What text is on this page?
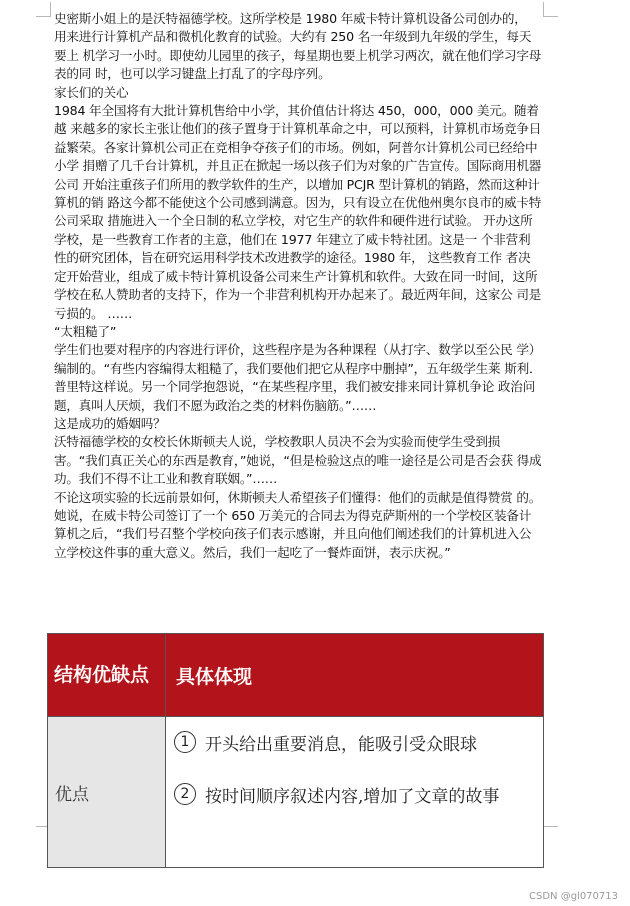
史密斯小姐上的是沃特福德学校。这所学校是 1980 年威卡特计算机设备公司创办的， 用来进行计算机产品和微机化教育的试验。大约有 250 名一年级到九年级的学生，每天要上 机学习一小时。即使幼儿园里的孩子，每星期也要上机学习两次，就在他们学习字母表的同 时，也可以学习键盘上打乱了的字母序列。

家长们的关心

1984 年全国将有大批计算机售给中小学，其价值估计将达 450，000，000 美元。随着越 来越多的家长主张让他们的孩子置身于计算机革命之中，可以预料，计算机市场竞争日益繁荣。各家计算机公司正在竞相争夺孩子们的市场。例如，阿普尔计算机公司已经给中小学 捐赠了几千台计算机，并且正在掀起一场以孩子们为对象的广告宣传。国际商用机器公司 开始注重孩子们所用的教学软件的生产，以增加 PCJR 型计算机的销路，然而这种计算机的销 路这今都不能使这个公司感到满意。因为，只有设立在优他州奥尔良市的威卡特公司采取 措施进入一个全日制的私立学校，对它生产的软件和硬件进行试验。 开办这所学校，是一些教育工作者的主意，他们在 1977 年建立了威卡特社团。这是一 个非营利性的研究团体，旨在研究运用科学技术改进教学的途径。1980 年， 这些教育工作 者决定开始营业，组成了威卡特计算机设备公司来生产计算机和软件。大致在同一时间，这所学校在私人赞助者的支持下，作为一个非营利机构开办起来了。最近两年间，这家公 司是亏损的。 ……

“太粗糙了”

学生们也要对程序的内容进行评价，这些程序是为各种课程（从打字、数学以至公民 学）编制的。“有些内容编得太粗糙了，我们要他们把它从程序中删掉”，五年级学生莱 斯利．普里特这样说。另一个同学抱怨说，“在某些程序里，我们被安排来同计算机争论 政治问题，真叫人厌烦，我们不愿为政治之类的材料伤脑筋。”……

这是成功的婚姻吗？

沃特福德学校的女校长休斯顿夫人说，学校教职人员决不会为实验而使学生受到损 害。“我们真正关心的东西是教育，”她说，“但是检验这点的唯一途径是公司是否会获 得成功。我们不得不让工业和教育联姻。”……

不论这项实验的长远前景如何，休斯顿夫人希望孩子们懂得：他们的贡献是值得赞赏 的。她说，在威卡特公司签订了一个 650 万美元的合同去为得克萨斯州的一个学校区装备计 算机之后，“我们号召整个学校向孩子们表示感谢，并且向他们阐述我们的计算机进入公 立学校这件事的重大意义。然后，我们一起吃了一餐炸面饼，表示庆祝。”

结构优缺点	具体体现
优点	1 开头给出重要消息，能吸引受众眼球
2 按时间顺序叙述内容,增加了文章的故事
CSDN @gl070713
